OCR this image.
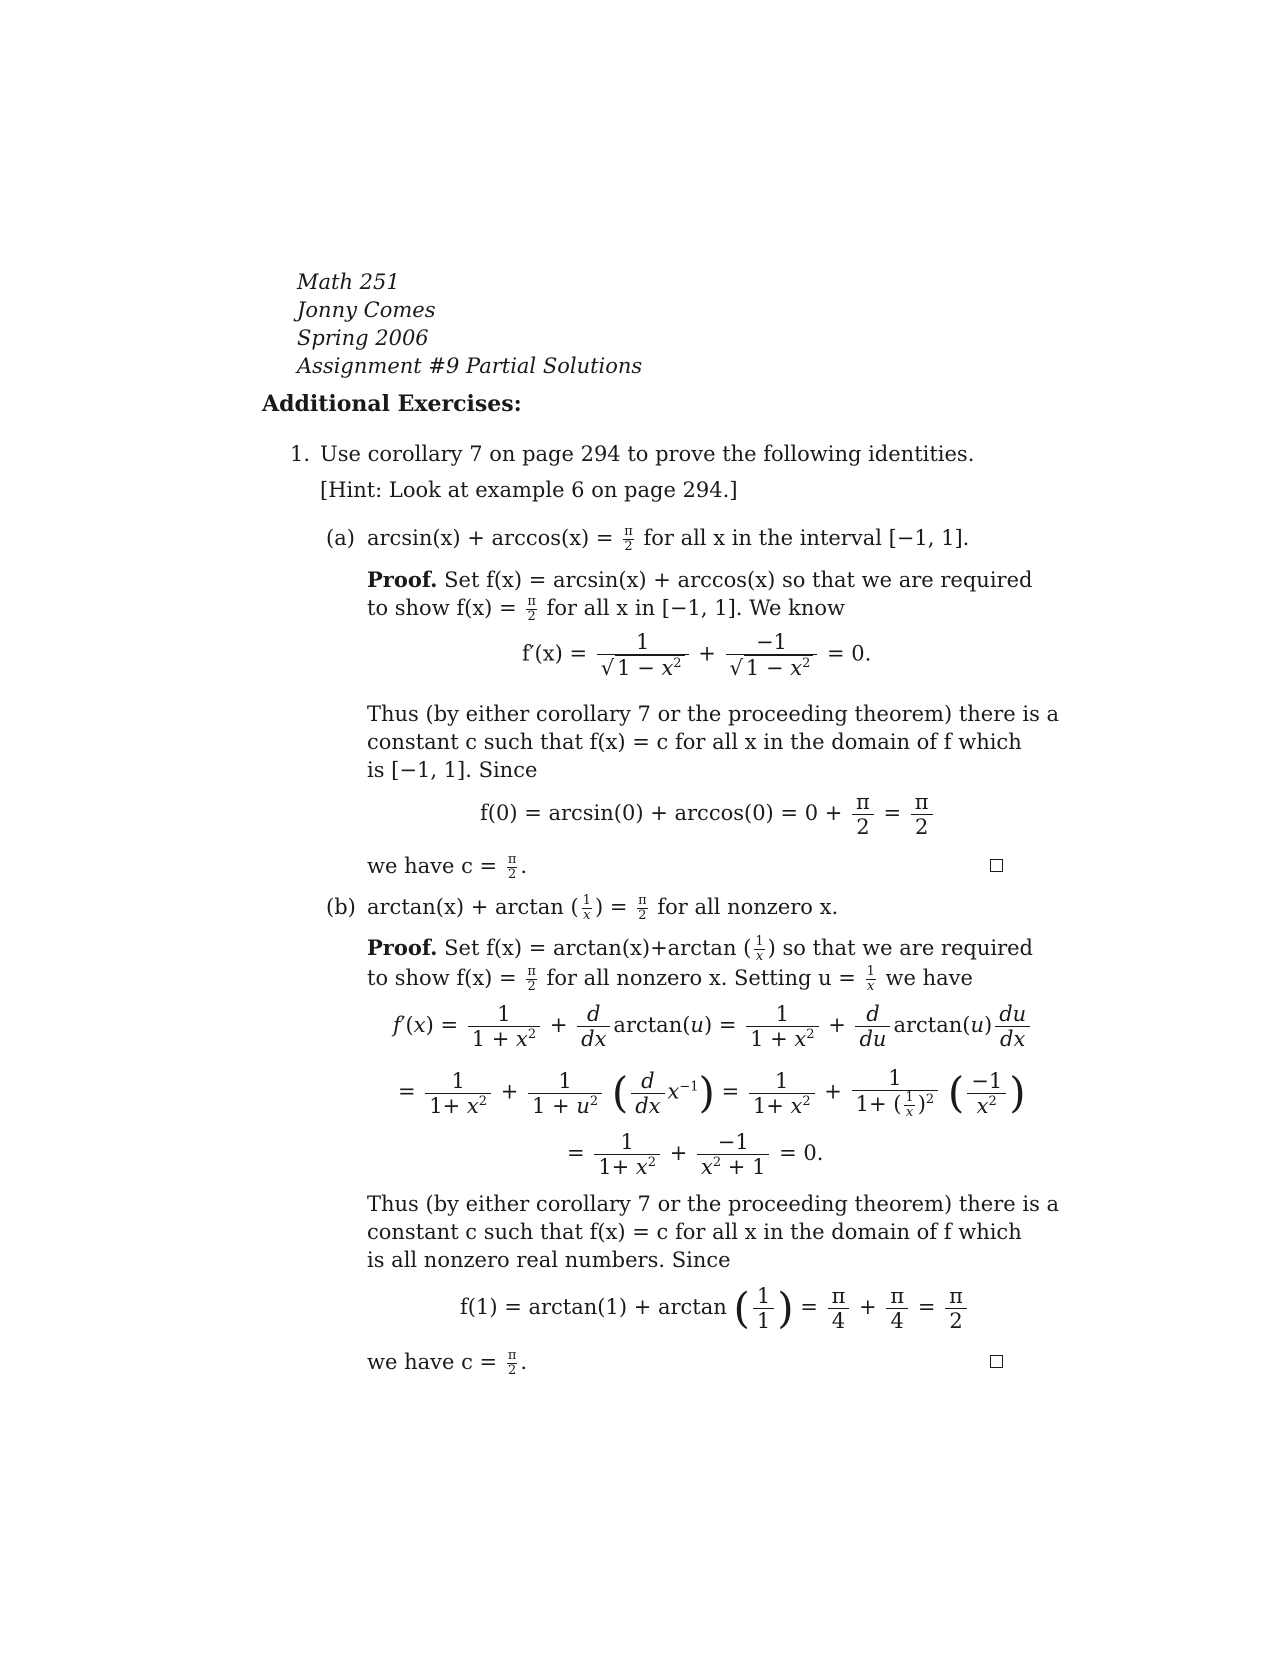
Math 251
Jonny Comes
Spring 2006
Assignment #9 Partial Solutions
Additional Exercises:
1. Use corollary 7 on page 294 to prove the following identities.
[Hint: Look at example 6 on page 294.]
(a) $\arcsin(x) + \arccos(x) = \frac{\pi}{2}$ for all x in the interval [−1, 1].
Proof. Set f(x) = arcsin(x) + arccos(x) so that we are required
to show $f(x) = \frac{\pi}{2}$ for all x in [−1, 1]. We know
$f'(x) = \frac{1}{√ 1 - x^2} + \frac{-1}{√ 1 - x^2} = 0$.
Thus (by either corollary 7 or the proceeding theorem) there is a
constant c such that f(x) = c for all x in the domain of f which
is [−1, 1]. Since
$f(0) = \arcsin(0) + \arccos(0) = 0 + \frac{\pi}{2} = \frac{\pi}{2}$
we have $c = \frac{\pi}{2}$ .
(b) arctan(x) + arctan ( $\frac{1}{x}$ ) = $\frac{\pi}{2}$ for all nonzero x.
Proof. Set f(x) = arctan(x)+arctan ( $\frac{1}{x}$ ) so that we are required
to show $f(x) = \frac{\pi}{2}$ for all nonzero x. Setting $u = \frac{1}{x}$ we have
$f'(x) = \frac{1}{1 + x^2} + \frac{d}{dx} \arctan(u) = \frac{1}{1 + x^2} + \frac{d}{du} \arctan(u) \frac{du}{dx}$
= $\frac{1}{1+ x^2} + \frac{1}{1 + u^2}$ ( $\frac{d}{dx} x^{-1}) = \frac{1}{1+ x^2} + \frac{1}{1+ ( \frac{1}{x} )^2}$ ( $\frac{-1}{x^2}$ )
= $\frac{1}{1+ x^2} + \frac{-1}{x^2 + 1} = 0$.
Thus (by either corollary 7 or the proceeding theorem) there is a
constant c such that f(x) = c for all x in the domain of f which
is all nonzero real numbers. Since
f(1) = arctan(1) + arctan ( $\frac{1}{1}$ ) = $\frac{\pi}{4} + \frac{\pi}{4} = \frac{\pi}{2}$
we have $c = \frac{\pi}{2}$ .
